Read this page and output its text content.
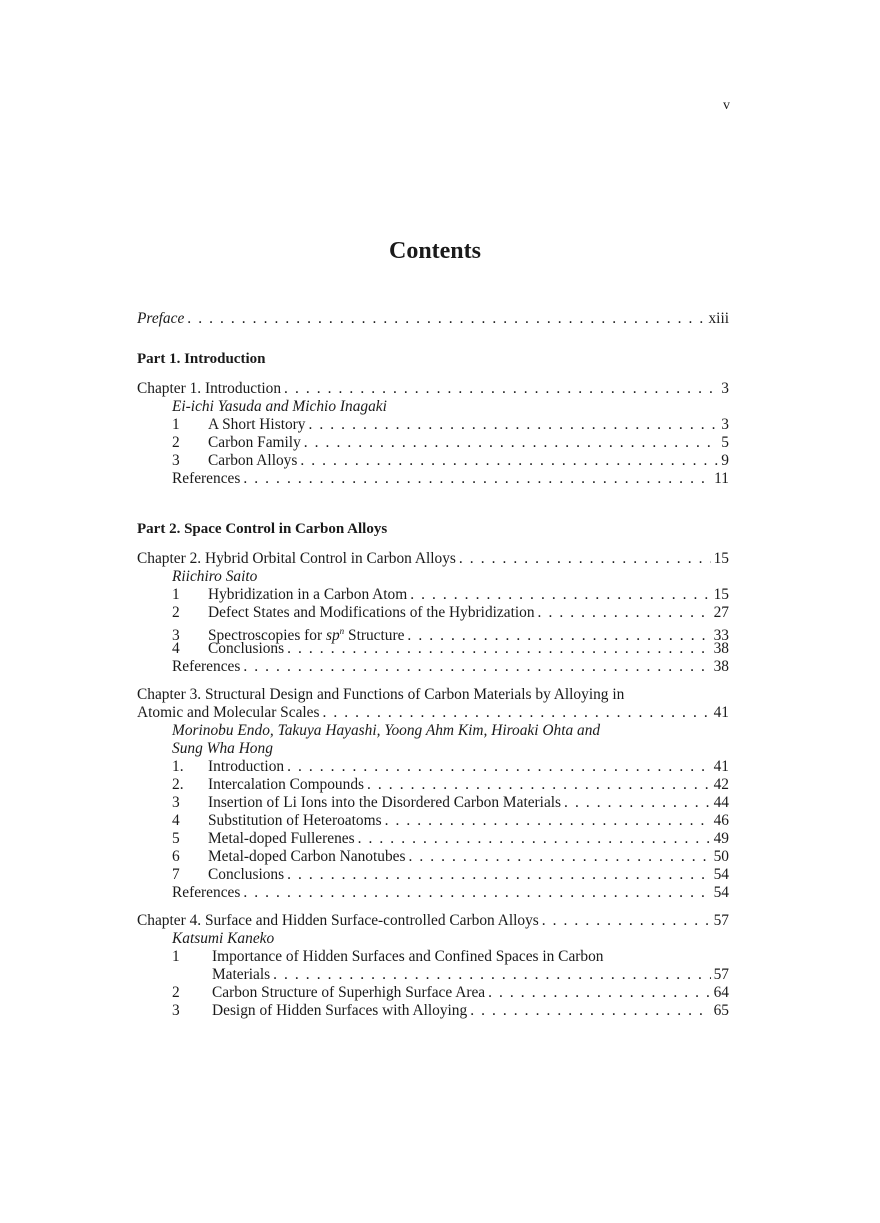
v
Contents
Preface . . .	xiii
Part 1. Introduction
Chapter 1. Introduction . . .	3
Ei-ichi Yasuda and Michio Inagaki
1	A Short History . . .	3
2	Carbon Family . . .	5
3	Carbon Alloys . . .	9
References . . .	11
Part 2. Space Control in Carbon Alloys
Chapter 2. Hybrid Orbital Control in Carbon Alloys . . .	15
Riichiro Saito
1	Hybridization in a Carbon Atom . . .	15
2	Defect States and Modifications of the Hybridization . . .	27
3	Spectroscopies for $sp^n$ Structure . . .	33
4	Conclusions . . .	38
References . . .	38
Chapter 3. Structural Design and Functions of Carbon Materials by Alloying in
Atomic and Molecular Scales . . .	41
Morinobu Endo, Takuya Hayashi, Yoong Ahm Kim, Hiroaki Ohta and
Sung Wha Hong
1.	Introduction . . .	41
2.	Intercalation Compounds . . .	42
3	Insertion of Li Ions into the Disordered Carbon Materials . . .	44
4	Substitution of Heteroatoms . . .	46
5	Metal-doped Fullerenes . . .	49
6	Metal-doped Carbon Nanotubes . . .	50
7	Conclusions . . .	54
References . . .	54
Chapter 4. Surface and Hidden Surface-controlled Carbon Alloys . . .	57
Katsumi Kaneko
1 Importance of Hidden Surfaces and Confined Spaces in Carbon
Materials . . .	57
2	Carbon Structure of Superhigh Surface Area . . .	64
3	Design of Hidden Surfaces with Alloying . . .	65
